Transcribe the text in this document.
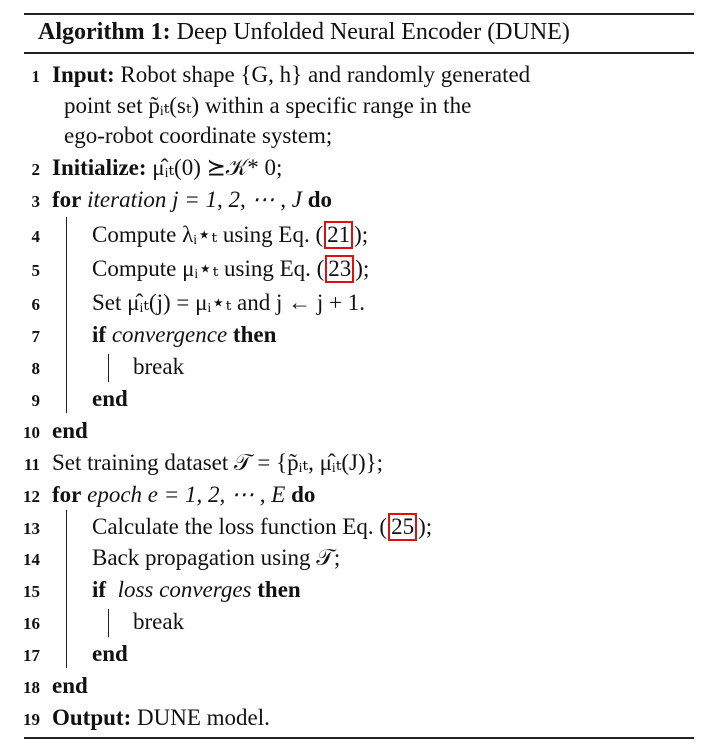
Algorithm 1: Deep Unfolded Neural Encoder (DUNE)
1 Input: Robot shape {G, h} and randomly generated
point set p̃ᵢₜ(sₜ) within a specific range in the
ego-robot coordinate system;
2 Initialize: μ̂ᵢₜ(0) ⪰𝒦* 0;
3 for iteration j = 1, 2, ⋯ , J do
4 Compute λᵢ⋆ₜ using Eq. ( 21 );
5 Compute μᵢ⋆ₜ using Eq. ( 23 );
6 Set μ̂ᵢₜ(j) = μᵢ⋆ₜ and j ← j + 1.
7 if convergence then
8	break
9 end
10 end
11 Set training dataset 𝒯 = {p̃ᵢₜ, μ̂ᵢₜ(J)};
12 for epoch e = 1, 2, ⋯ , E do
13 Calculate the loss function Eq. ( 25 );
14 Back propagation using 𝒯;
15 if loss converges then
16	break
17 end
18 end
19 Output: DUNE model.
